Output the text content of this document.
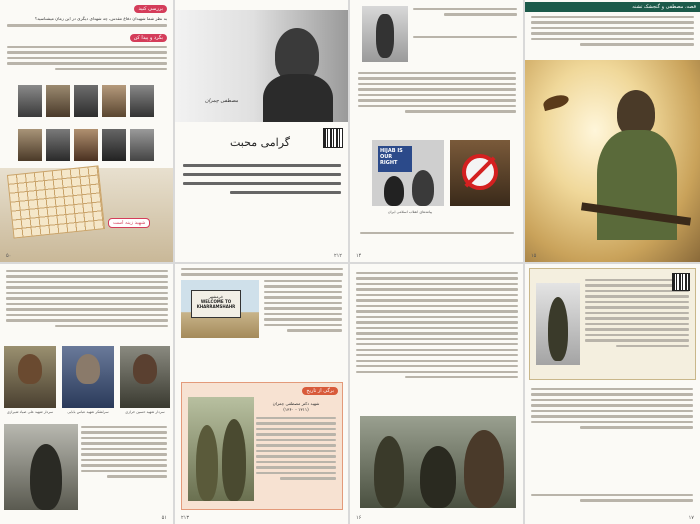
بررسی کنید
به نظر شما شهیدان دفاع مقدس، چه شهدای دیگری در این زمان میشناسید؟
بگرد و پیدا کن
شهید زینه است
۵۰
مصطفی چمران
گرامی محبت
۲۱۲
HIJAB IS OUR RIGHT
پیامدهای انقلاب اسلامی ایران
۱۴
قصه، مصطفی و گنجشک تشنه
۱۵
سردار شهید علی صیاد شیرازی	سرلشکر شهید عباس بابایی	سردار شهید حسین خرازی
۵۱
خرمشهر
WELCOME TO KHARRAMSHAHR
برگی از تاریخ
شهید دکتر مصطفی چمران
(۱۳۱۱ - ۱۳۶۰)
۲۱۳	۱۶	۱۷
